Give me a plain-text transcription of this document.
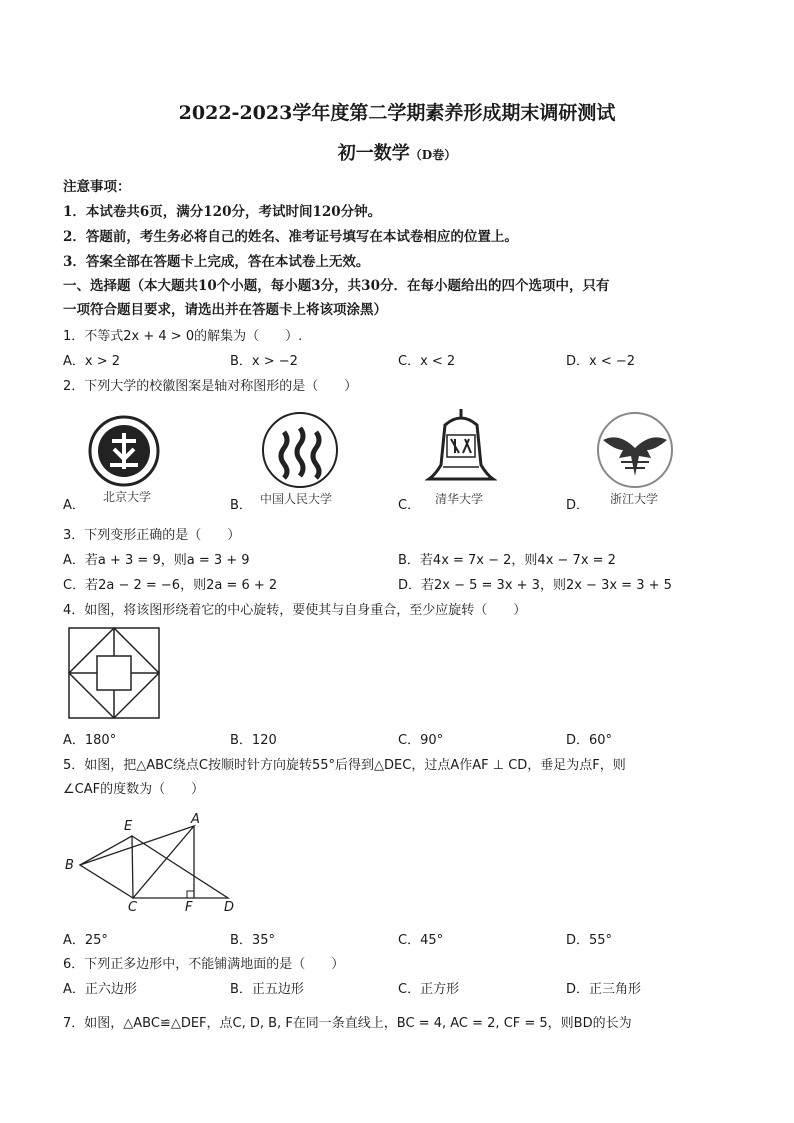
2022-2023学年度第二学期素养形成期末调研测试
初一数学（D卷）
注意事项：
1．本试卷共6页，满分120分，考试时间120分钟。
2．答题前，考生务必将自己的姓名、准考证号填写在本试卷相应的位置上。
3．答案全部在答题卡上完成，答在本试卷上无效。
一、选择题（本大题共10个小题，每小题3分，共30分．在每小题给出的四个选项中，只有
一项符合题目要求，请选出并在答题卡上将该项涂黑）
1．不等式2x + 4 > 0的解集为（　　）.
A．x > 2	B．x > −2	C．x < 2	D．x < −2
2．下列大学的校徽图案是轴对称图形的是（　　）
北京大学	中国人民大学	清华大学	浙江大学
A．	B．	C．	D．
3．下列变形正确的是（　　）
A．若a + 3 = 9，则a = 3 + 9	B．若4x = 7x − 2，则4x − 7x = 2
C．若2a − 2 = −6，则2a = 6 + 2	D．若2x − 5 = 3x + 3，则2x − 3x = 3 + 5
4．如图，将该图形绕着它的中心旋转，要使其与自身重合，至少应旋转（　　）
A．180°	B．120	C．90°	D．60°
5．如图，把△ABC绕点C按顺时针方向旋转55°后得到△DEC，过点A作AF ⊥ CD，垂足为点F，则
∠CAF的度数为（　　）
E	A
B
C	F D
A．25°	B．35°	C．45°	D．55°
6．下列正多边形中，不能铺满地面的是（　　）
A．正六边形	B．正五边形	C．正方形	D．正三角形
7．如图，△ABC≌△DEF，点C, D, B, F在同一条直线上，BC = 4, AC = 2, CF = 5，则BD的长为
